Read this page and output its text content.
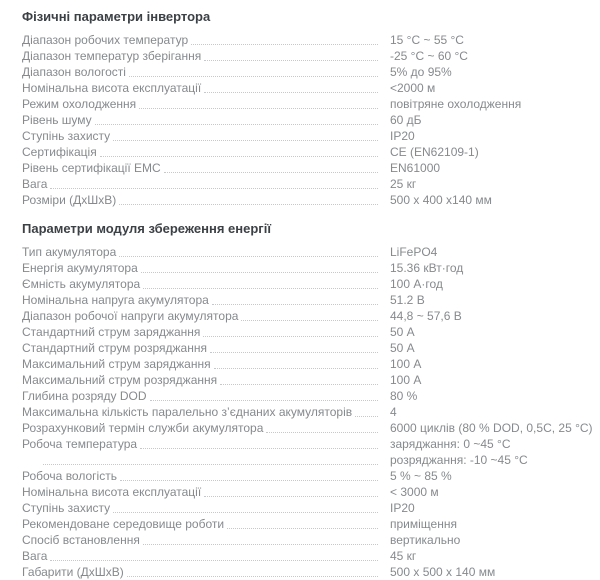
Фізичні параметри інвертора
Діапазон робочих температур	15 °C ~ 55 °C
Діапазон температур зберігання	-25 °C ~ 60 °C
Діапазон вологості	5% до 95%
Номінальна висота експлуатації	<2000 м
Режим охолодження	повітряне охолодження
Рівень шуму	60 дБ
Ступінь захисту	IP20
Сертифікація	CE (EN62109-1)
Рівень сертифікації EMC	EN61000
Вага	25 кг
Розміри (ДхШхВ)	500 x 400 x140 мм
Параметри модуля збереження енергії
Тип акумулятора	LiFePO4
Енергія акумулятора	15.36 кВт·год
Ємність акумулятора	100 А·год
Номінальна напруга акумулятора	51.2 В
Діапазон робочої напруги акумулятора	44,8 ~ 57,6 В
Стандартний струм заряджання	50 А
Стандартний струм розряджання	50 А
Максимальний струм заряджання	100 А
Максимальний струм розряджання	100 А
Глибина розряду DOD	80 %
Максимальна кількість паралельно з’єднаних акумуляторів	4
Розрахунковий термін служби акумулятора	6000 циклів (80 % DOD, 0,5C, 25 °C)
Робоча температура	заряджання: 0 ~45 °C
розряджання: -10 ~45 °C
Робоча вологість	5 % ~ 85 %
Номінальна висота експлуатації	< 3000 м
Ступінь захисту	IP20
Рекомендоване середовище роботи	приміщення
Спосіб встановлення	вертикально
Вага	45 кг
Габарити (ДхШхВ)	500 x 500 x 140 мм
